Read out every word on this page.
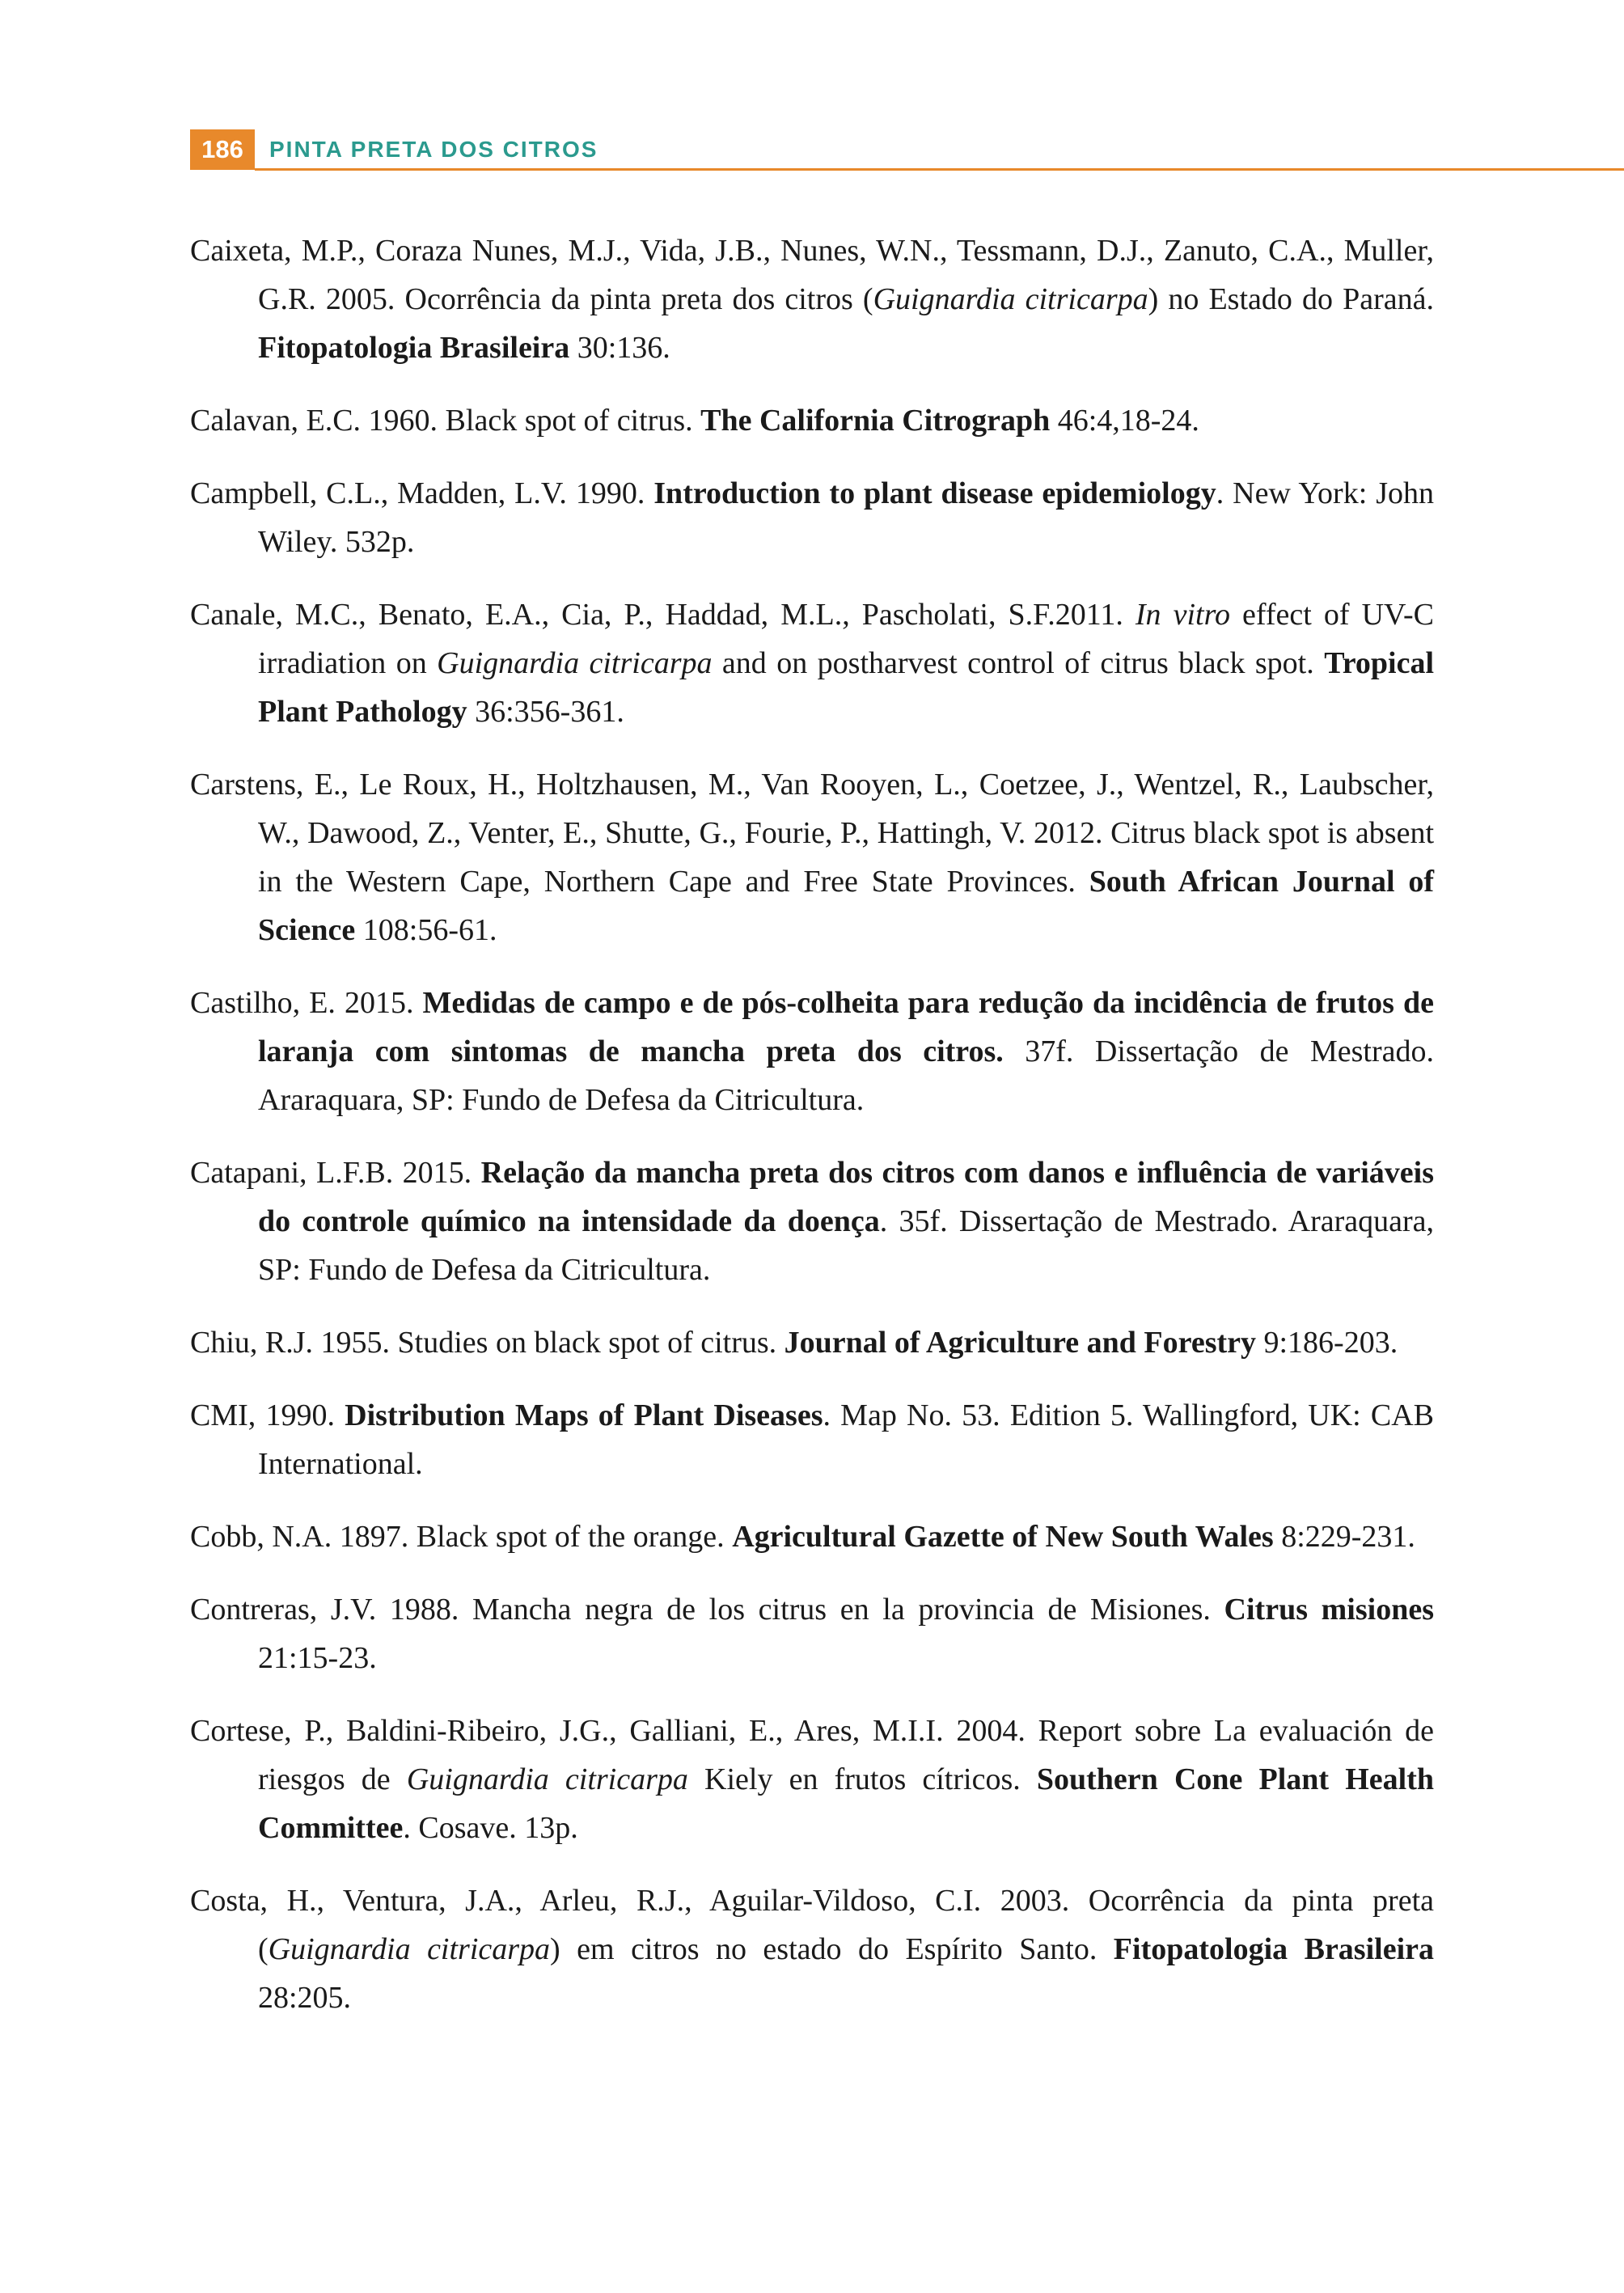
186	PINTA PRETA DOS CITROS

Caixeta, M.P., Coraza Nunes, M.J., Vida, J.B., Nunes, W.N., Tessmann, D.J., Zanuto, C.A., Muller, G.R. 2005. Ocorrência da pinta preta dos citros (Guignardia citricarpa) no Estado do Paraná. Fitopatologia Brasileira 30:136.

Calavan, E.C. 1960. Black spot of citrus. The California Citrograph 46:4,18-24.

Campbell, C.L., Madden, L.V. 1990. Introduction to plant disease epidemiology. New York: John Wiley. 532p.

Canale, M.C., Benato, E.A., Cia, P., Haddad, M.L., Pascholati, S.F.2011. In vitro effect of UV-C irradiation on Guignardia citricarpa and on postharvest control of citrus black spot. Tropical Plant Pathology 36:356-361.

Carstens, E., Le Roux, H., Holtzhausen, M., Van Rooyen, L., Coetzee, J., Wentzel, R., Laubscher, W., Dawood, Z., Venter, E., Shutte, G., Fourie, P., Hattingh, V. 2012. Citrus black spot is absent in the Western Cape, Northern Cape and Free State Provinces. South African Journal of Science 108:56-61.

Castilho, E. 2015. Medidas de campo e de pós-colheita para redução da incidência de frutos de laranja com sintomas de mancha preta dos citros. 37f. Dissertação de Mestrado. Araraquara, SP: Fundo de Defesa da Citricultura.

Catapani, L.F.B. 2015. Relação da mancha preta dos citros com danos e influência de variáveis do controle químico na intensidade da doença. 35f. Dissertação de Mestrado. Araraquara, SP: Fundo de Defesa da Citricultura.

Chiu, R.J. 1955. Studies on black spot of citrus. Journal of Agriculture and Forestry 9:186-203.

CMI, 1990. Distribution Maps of Plant Diseases. Map No. 53. Edition 5. Wallingford, UK: CAB International.

Cobb, N.A. 1897. Black spot of the orange. Agricultural Gazette of New South Wales 8:229-231.

Contreras, J.V. 1988. Mancha negra de los citrus en la provincia de Misiones. Citrus misiones 21:15-23.

Cortese, P., Baldini-Ribeiro, J.G., Galliani, E., Ares, M.I.I. 2004. Report sobre La evaluación de riesgos de Guignardia citricarpa Kiely en frutos cítricos. Southern Cone Plant Health Committee. Cosave. 13p.

Costa, H., Ventura, J.A., Arleu, R.J., Aguilar-Vildoso, C.I. 2003. Ocorrência da pinta preta (Guignardia citricarpa) em citros no estado do Espírito Santo. Fitopatologia Brasileira 28:205.
